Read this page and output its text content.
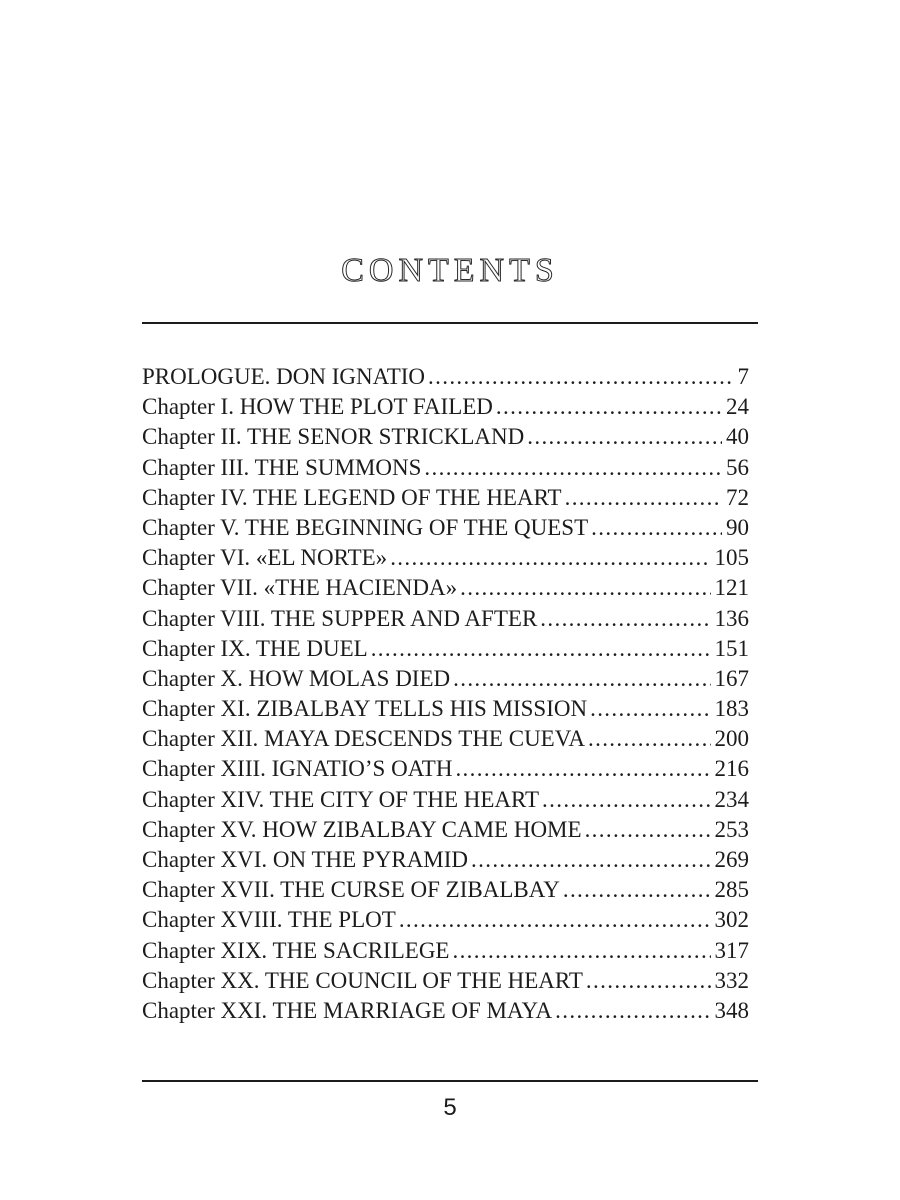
CONTENTS
PROLOGUE. DON IGNATIO . . .	7
Chapter I. HOW THE PLOT FAILED . . .	24
Chapter II. THE SENOR STRICKLAND . . .	40
Chapter III. THE SUMMONS . . .	56
Chapter IV. THE LEGEND OF THE HEART . . .	72
Chapter V. THE BEGINNING OF THE QUEST . . .	90
Chapter VI. «EL NORTE» . . .	105
Chapter VII. «THE HACIENDA» . . .	121
Chapter VIII. THE SUPPER AND AFTER . . .	136
Chapter IX. THE DUEL . . .	151
Chapter X. HOW MOLAS DIED . . .	167
Chapter XI. ZIBALBAY TELLS HIS MISSION . . .	183
Chapter XII. MAYA DESCENDS THE CUEVA . . .	200
Chapter XIII. IGNATIO’S OATH . . .	216
Chapter XIV. THE CITY OF THE HEART . . .	234
Chapter XV. HOW ZIBALBAY CAME HOME . . .	253
Chapter XVI. ON THE PYRAMID . . .	269
Chapter XVII. THE CURSE OF ZIBALBAY . . .	285
Chapter XVIII. THE PLOT . . .	302
Chapter XIX. THE SACRILEGE . . .	317
Chapter XX. THE COUNCIL OF THE HEART . . .	332
Chapter XXI. THE MARRIAGE OF MAYA . . .	348
5
